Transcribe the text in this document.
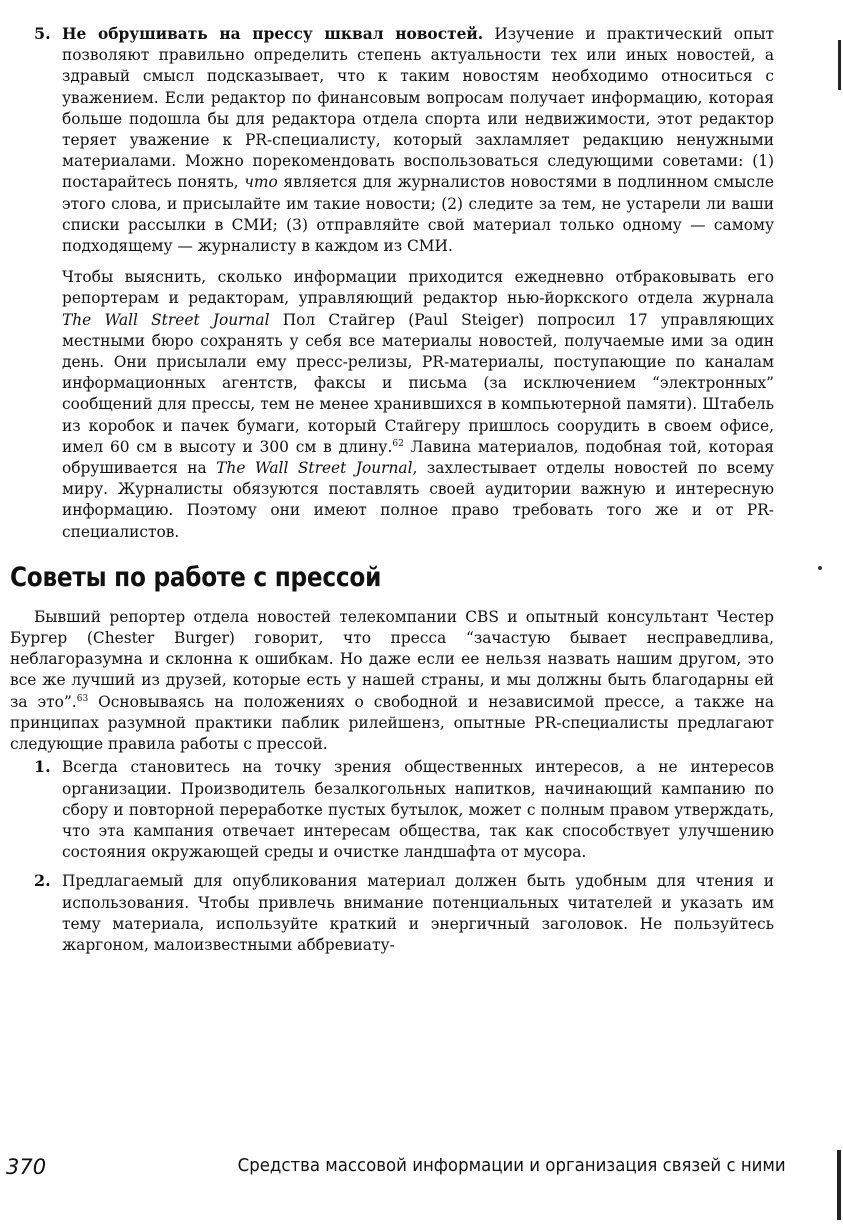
5. Не обрушивать на прессу шквал новостей. Изучение и практический опыт позволяют правильно определить степень актуальности тех или иных новостей, а здравый смысл подсказывает, что к таким новостям необходимо относиться с уважением. Если редактор по финансовым вопросам получает информацию, которая больше подошла бы для редактора отдела спорта или недвижимости, этот редактор теряет уважение к PR-специалисту, который захламляет редакцию ненужными материалами. Можно порекомендовать воспользоваться следующими советами: (1) постарайтесь понять, что является для журналистов новостями в подлинном смысле этого слова, и присылайте им такие новости; (2) следите за тем, не устарели ли ваши списки рассылки в СМИ; (3) отправляйте свой материал только одному — самому подходящему — журналисту в каждом из СМИ.

Чтобы выяснить, сколько информации приходится ежедневно отбраковывать его репортерам и редакторам, управляющий редактор нью-йоркского отдела журнала The Wall Street Journal Пол Стайгер (Paul Steiger) попросил 17 управляющих местными бюро сохранять у себя все материалы новостей, получаемые ими за один день. Они присылали ему пресс-релизы, PR-материалы, поступающие по каналам информационных агентств, факсы и письма (за исключением “электронных” сообщений для прессы, тем не менее хранившихся в компьютерной памяти). Штабель из коробок и пачек бумаги, который Стайгеру пришлось соорудить в своем офисе, имел 60 см в высоту и 300 см в длину.$^{62}$ Лавина материалов, подобная той, которая обрушивается на The Wall Street Journal, захлестывает отделы новостей по всему миру. Журналисты обязуются поставлять своей аудитории важную и интересную информацию. Поэтому они имеют полное право требовать того же и от PR-специалистов.

Советы по работе с прессой

Бывший репортер отдела новостей телекомпании CBS и опытный консультант Честер Бургер (Chester Burger) говорит, что пресса “зачастую бывает несправедлива, неблагоразумна и склонна к ошибкам. Но даже если ее нельзя назвать нашим другом, это все же лучший из друзей, которые есть у нашей страны, и мы должны быть благодарны ей за это”.$^{63}$ Основываясь на положениях о свободной и независимой прессе, а также на принципах разумной практики паблик рилейшенз, опытные PR-специалисты предлагают следующие правила работы с прессой.

1. Всегда становитесь на точку зрения общественных интересов, а не интересов организации. Производитель безалкогольных напитков, начинающий кампанию по сбору и повторной переработке пустых бутылок, может с полным правом утверждать, что эта кампания отвечает интересам общества, так как способствует улучшению состояния окружающей среды и очистке ландшафта от мусора.

2. Предлагаемый для опубликования материал должен быть удобным для чтения и использования. Чтобы привлечь внимание потенциальных читателей и указать им тему материала, используйте краткий и энергичный заголовок. Не пользуйтесь жаргоном, малоизвестными аббревиату-

370	Средства массовой информации и организация связей с ними
